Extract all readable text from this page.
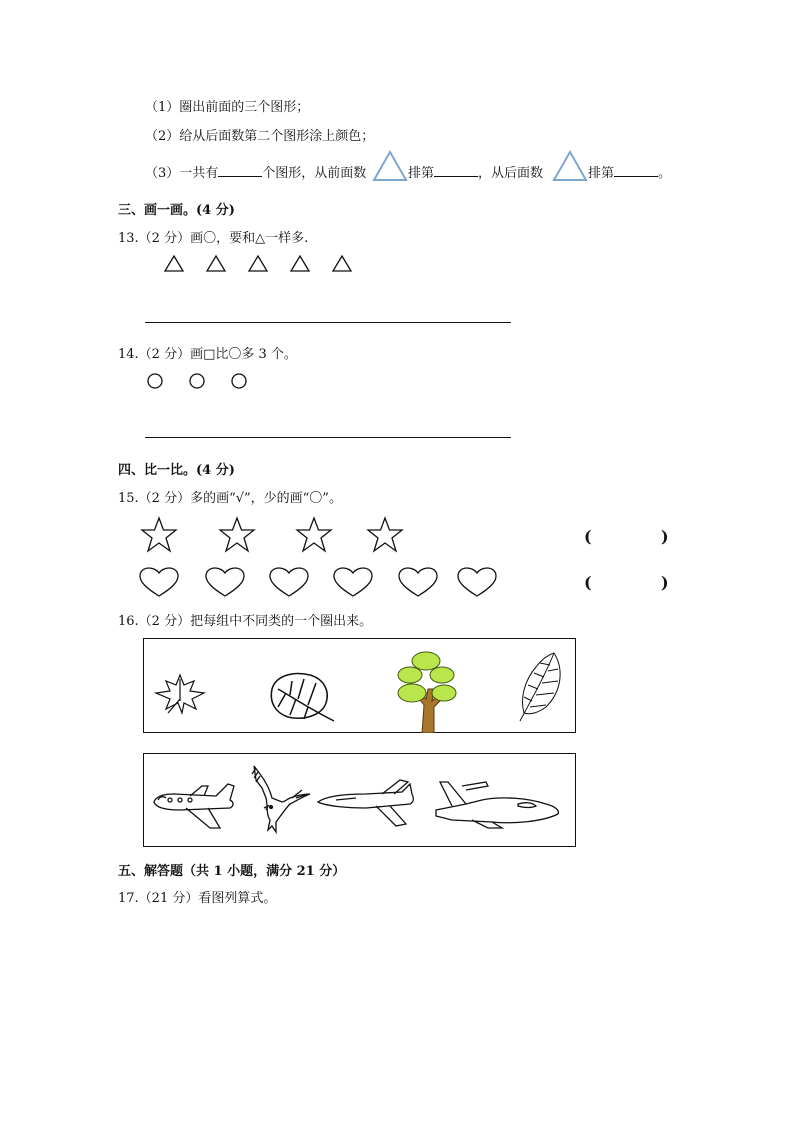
（1）圈出前面的三个图形；
（2）给从后面数第二个图形涂上颜色；
（3）一共有	个图形，从前面数	排第	，从后面数	排第	。
三、画一画。(4 分)
13.（2 分）画〇，要和△一样多.
14.（2 分）画□比〇多 3 个。
四、比一比。(4 分)
15.（2 分）多的画“√”，少的画“〇”。
(	)
(	)
16.（2 分）把每组中不同类的一个圈出来。
五、解答题（共 1 小题，满分 21 分）
17.（21 分）看图列算式。
